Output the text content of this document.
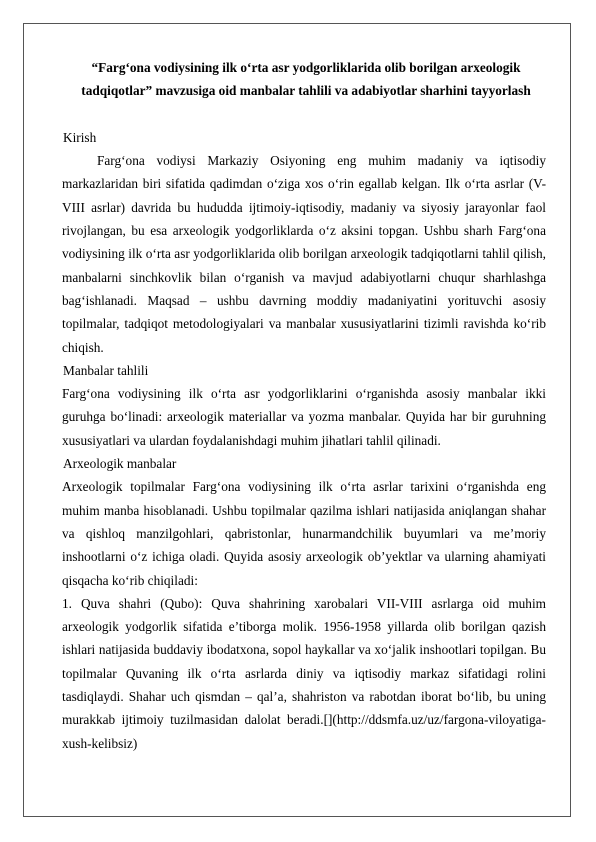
“Farg‘ona vodiysining ilk o‘rta asr yodgorliklarida olib borilgan arxeologik tadqiqotlar” mavzusiga oid manbalar tahlili va adabiyotlar sharhini tayyorlash

Kirish

Farg‘ona vodiysi Markaziy Osiyoning eng muhim madaniy va iqtisodiy markazlaridan biri sifatida qadimdan o‘ziga xos o‘rin egallab kelgan. Ilk o‘rta asrlar (V-VIII asrlar) davrida bu hududda ijtimoiy-iqtisodiy, madaniy va siyosiy jarayonlar faol rivojlangan, bu esa arxeologik yodgorliklarda o‘z aksini topgan. Ushbu sharh Farg‘ona vodiysining ilk o‘rta asr yodgorliklarida olib borilgan arxeologik tadqiqotlarni tahlil qilish, manbalarni sinchkovlik bilan o‘rganish va mavjud adabiyotlarni chuqur sharhlashga bag‘ishlanadi. Maqsad – ushbu davrning moddiy madaniyatini yorituvchi asosiy topilmalar, tadqiqot metodologiyalari va manbalar xususiyatlarini tizimli ravishda ko‘rib chiqish.

Manbalar tahlili

Farg‘ona vodiysining ilk o‘rta asr yodgorliklarini o‘rganishda asosiy manbalar ikki guruhga bo‘linadi: arxeologik materiallar va yozma manbalar. Quyida har bir guruhning xususiyatlari va ulardan foydalanishdagi muhim jihatlari tahlil qilinadi.

Arxeologik manbalar

Arxeologik topilmalar Farg‘ona vodiysining ilk o‘rta asrlar tarixini o‘rganishda eng muhim manba hisoblanadi. Ushbu topilmalar qazilma ishlari natijasida aniqlangan shahar va qishloq manzilgohlari, qabristonlar, hunarmandchilik buyumlari va me’moriy inshootlarni o‘z ichiga oladi. Quyida asosiy arxeologik ob’yektlar va ularning ahamiyati qisqacha ko‘rib chiqiladi:

1. Quva shahri (Qubo): Quva shahrining xarobalari VII-VIII asrlarga oid muhim arxeologik yodgorlik sifatida e’tiborga molik. 1956-1958 yillarda olib borilgan qazish ishlari natijasida buddaviy ibodatxona, sopol haykallar va xo‘jalik inshootlari topilgan. Bu topilmalar Quvaning ilk o‘rta asrlarda diniy va iqtisodiy markaz sifatidagi rolini tasdiqlaydi. Shahar uch qismdan – qal’a, shahriston va rabotdan iborat bo‘lib, bu uning murakkab ijtimoiy tuzilmasidan dalolat beradi.[](http://ddsmfa.uz/uz/fargona-viloyatiga-xush-kelibsiz)
